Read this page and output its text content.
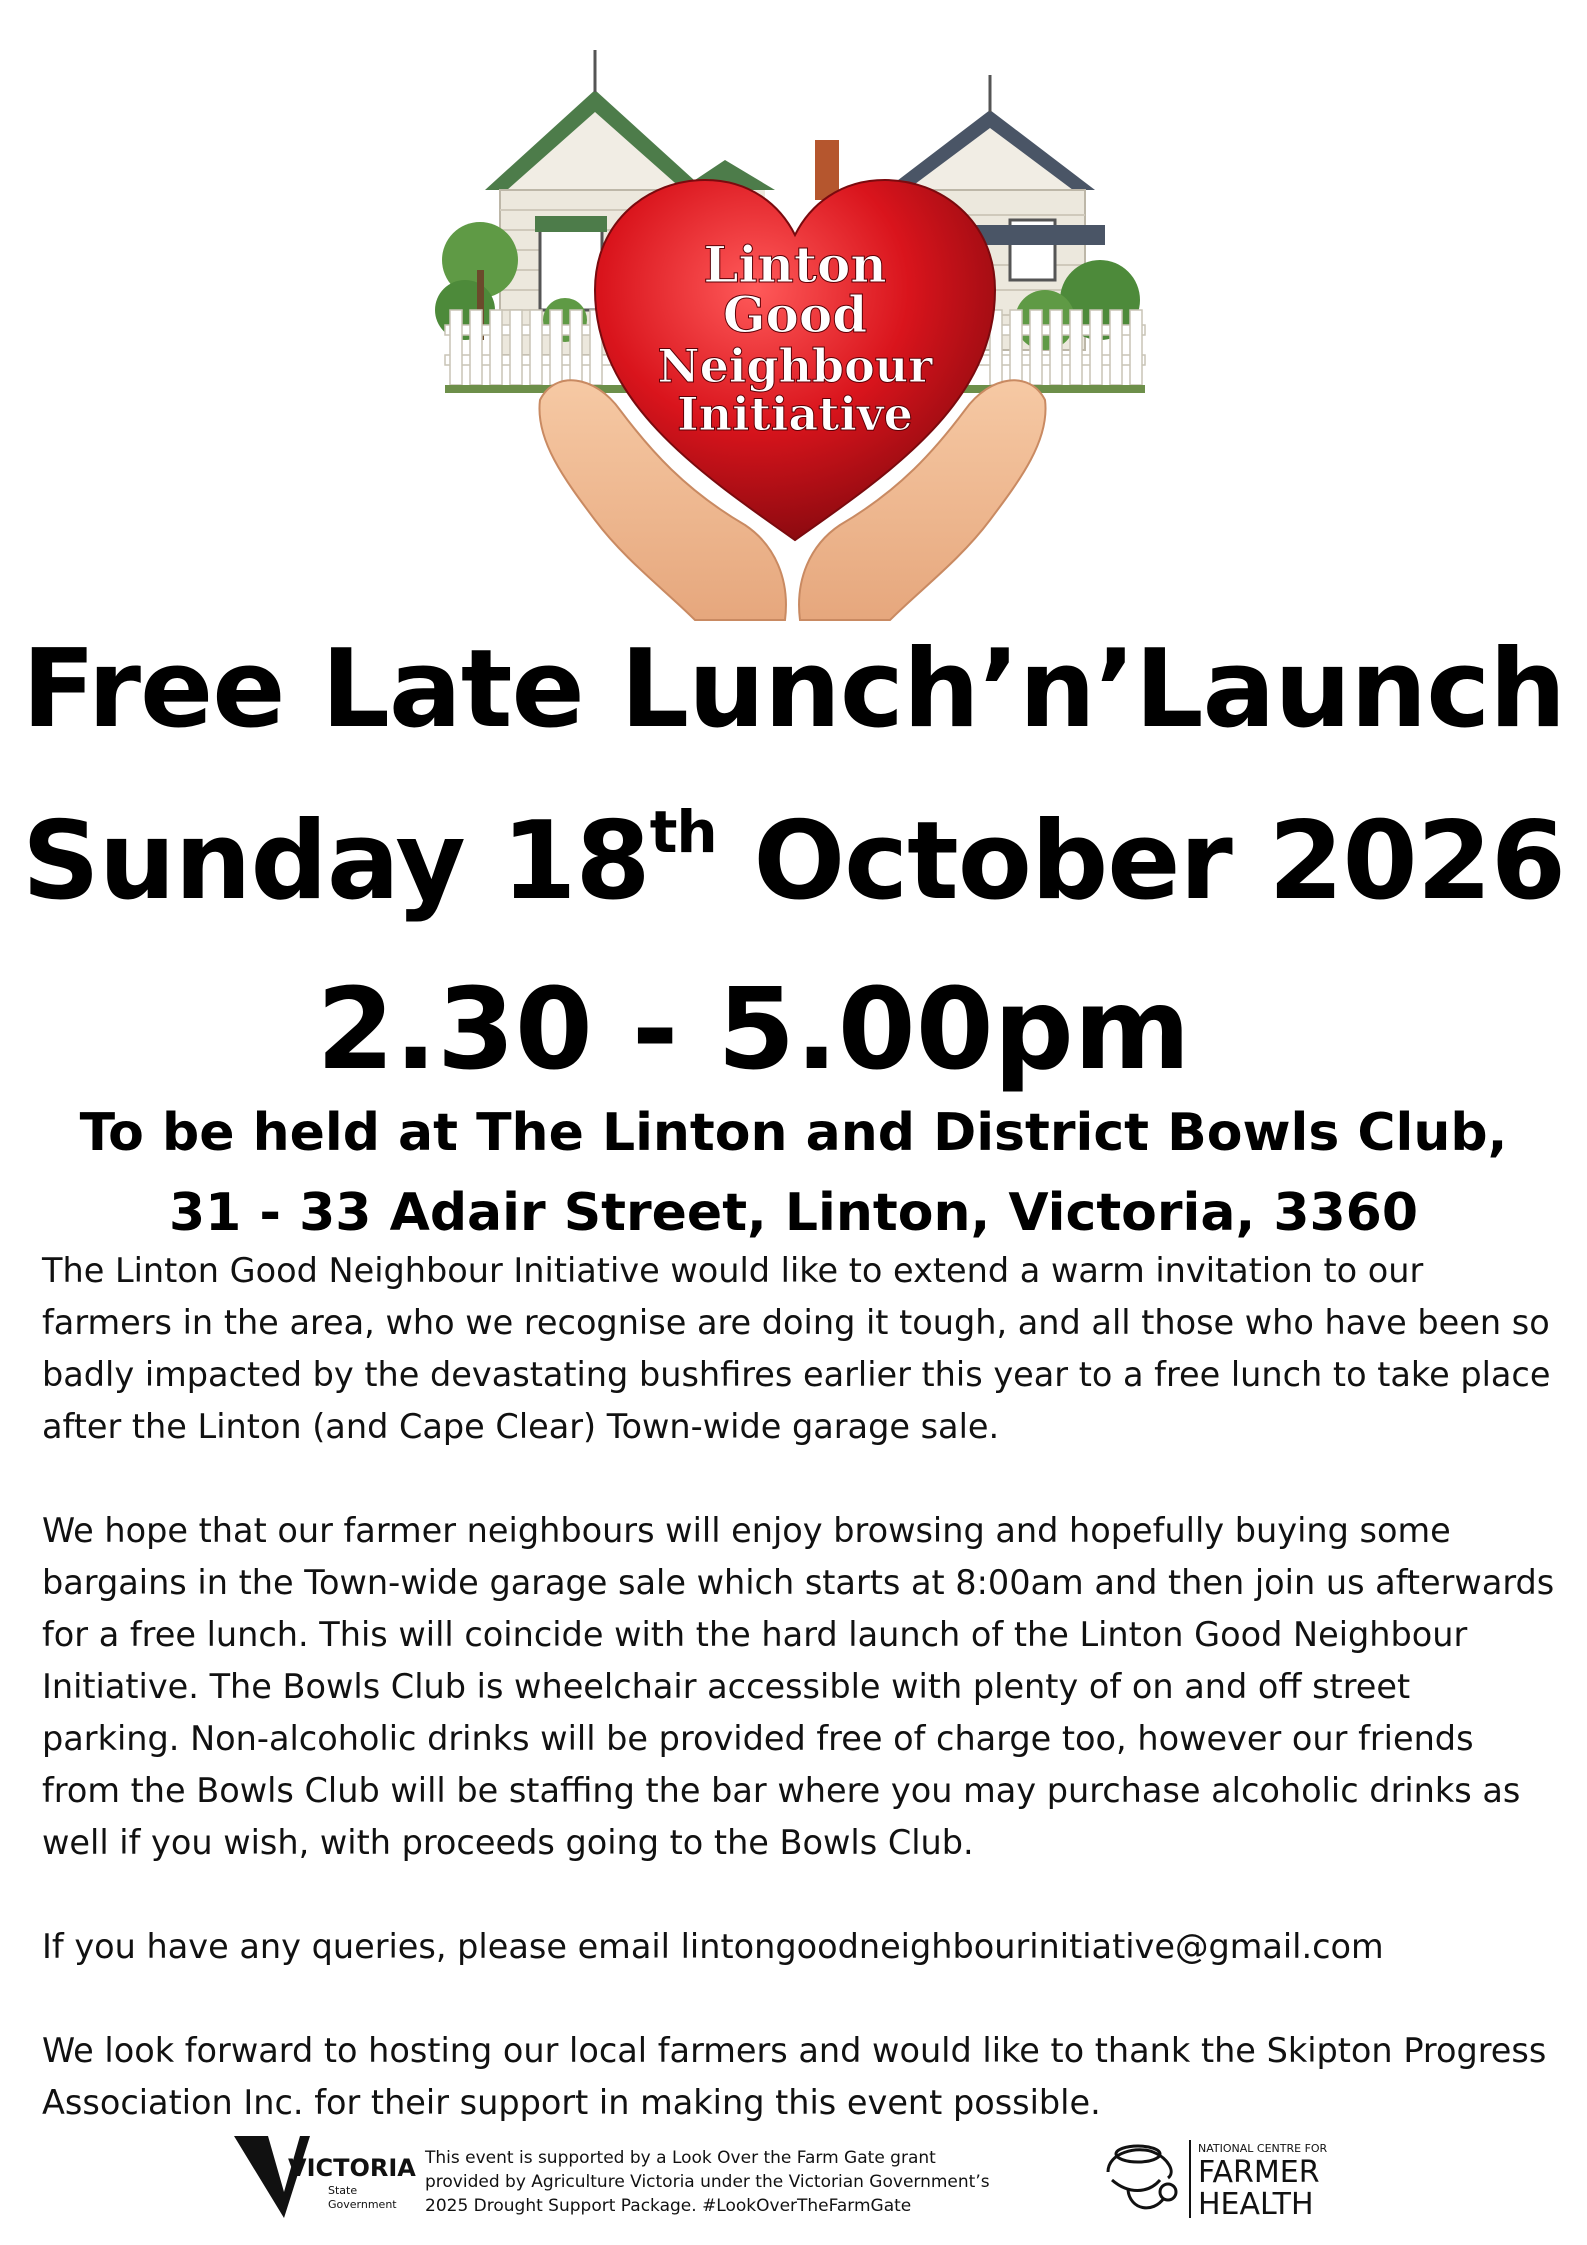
Linton
Good
Neighbour
Initiative
Free Late Lunch’n’Launch
Sunday 18th October 2026
2.30 - 5.00pm
To be held at The Linton and District Bowls Club,
31 - 33 Adair Street, Linton, Victoria, 3360

The Linton Good Neighbour Initiative would like to extend a warm invitation to our farmers in the area, who we recognise are doing it tough, and all those who have been so badly impacted by the devastating bushfires earlier this year to a free lunch to take place after the Linton (and Cape Clear) Town-wide garage sale.

We hope that our farmer neighbours will enjoy browsing and hopefully buying some bargains in the Town-wide garage sale which starts at 8:00am and then join us afterwards for a free lunch. This will coincide with the hard launch of the Linton Good Neighbour Initiative. The Bowls Club is wheelchair accessible with plenty of on and off street parking. Non-alcoholic drinks will be provided free of charge too, however our friends from the Bowls Club will be staffing the bar where you may purchase alcoholic drinks as well if you wish, with proceeds going to the Bowls Club.

If you have any queries, please email lintongoodneighbourinitiative@gmail.com

We look forward to hosting our local farmers and would like to thank the Skipton Progress Association Inc. for their support in making this event possible.

VICTORIA
State
Government
This event is supported by a Look Over the Farm Gate grant
provided by Agriculture Victoria under the Victorian Government’s
2025 Drought Support Package. #LookOverTheFarmGate
NATIONAL CENTRE FOR
FARMER
HEALTH
